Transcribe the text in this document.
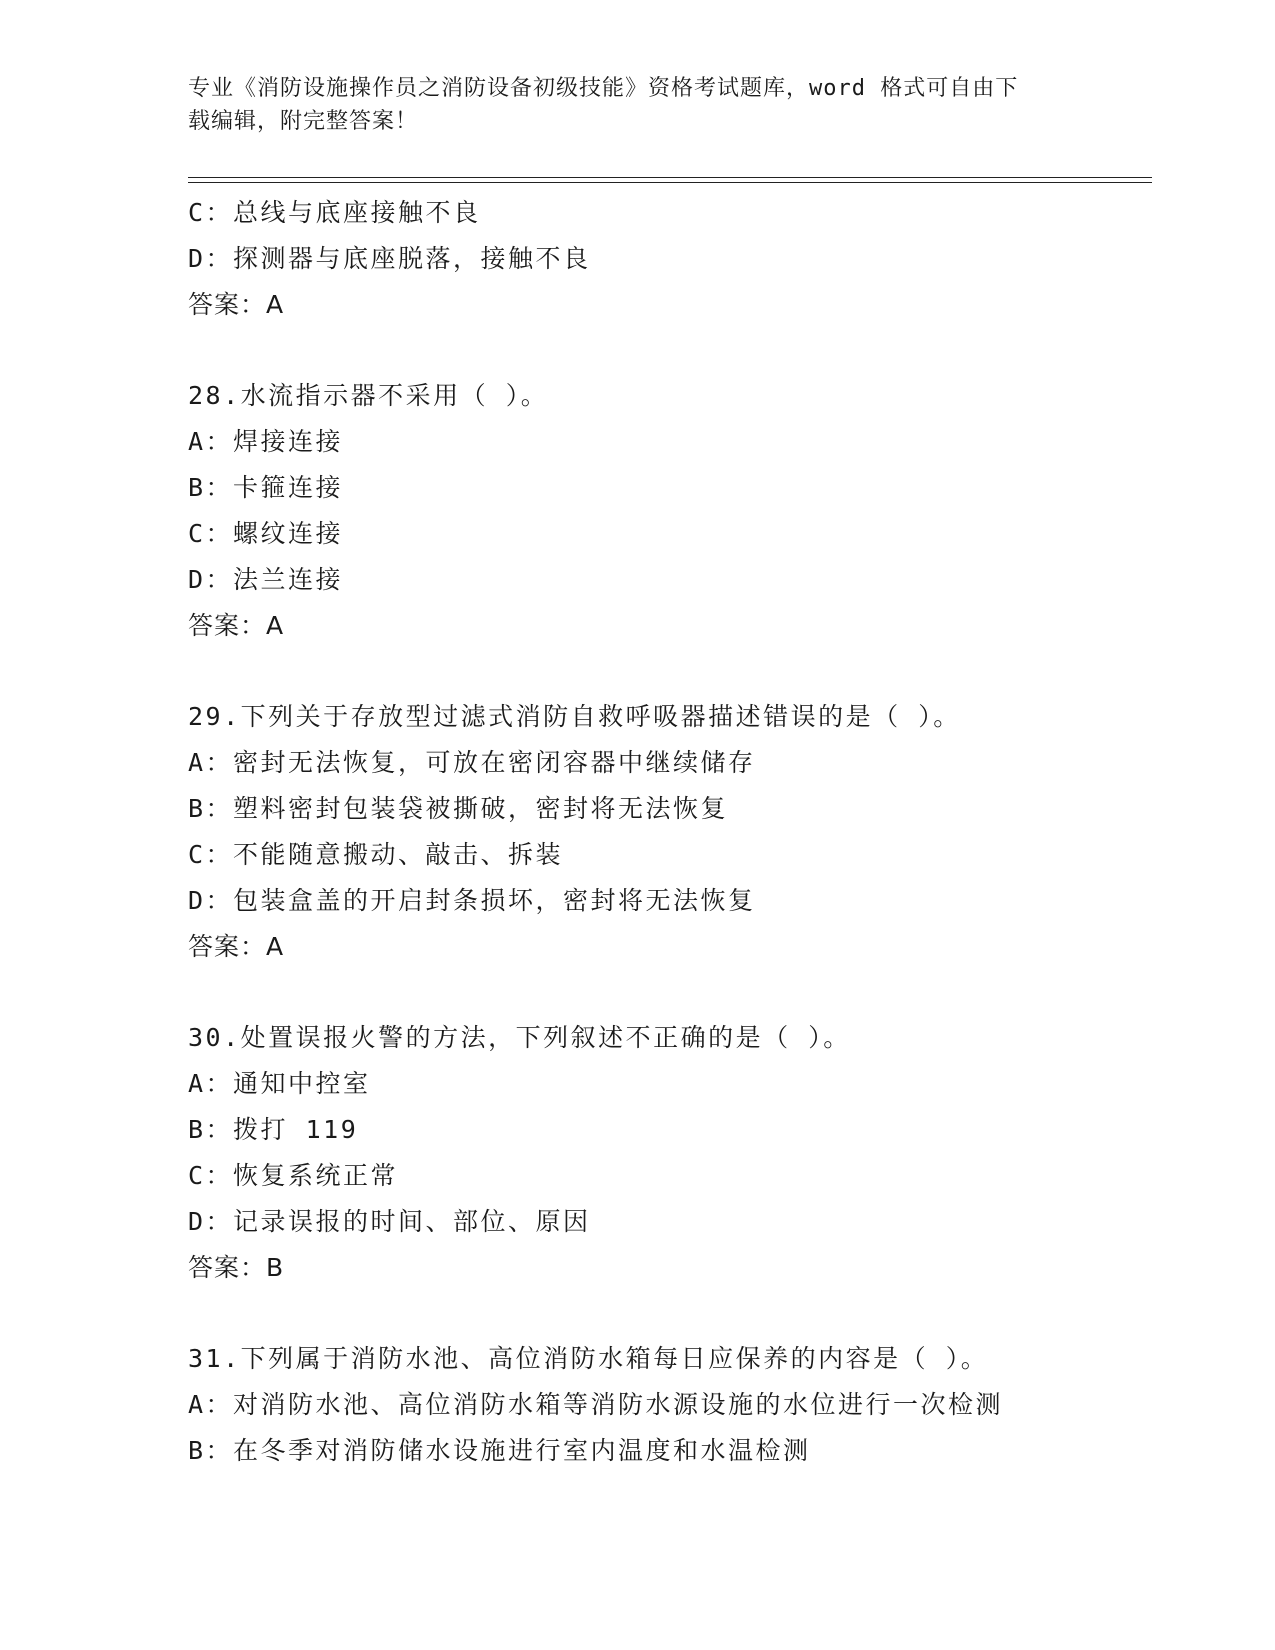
专业《消防设施操作员之消防设备初级技能》资格考试题库，word 格式可自由下
载编辑，附完整答案！
C：总线与底座接触不良
D：探测器与底座脱落，接触不良
答案：A
28.水流指示器不采用（ ）。
A：焊接连接
B：卡箍连接
C：螺纹连接
D：法兰连接
答案：A
29.下列关于存放型过滤式消防自救呼吸器描述错误的是（ ）。
A：密封无法恢复，可放在密闭容器中继续储存
B：塑料密封包装袋被撕破，密封将无法恢复
C：不能随意搬动、敲击、拆装
D：包装盒盖的开启封条损坏，密封将无法恢复
答案：A
30.处置误报火警的方法，下列叙述不正确的是（ ）。
A：通知中控室
B：拨打 119
C：恢复系统正常
D：记录误报的时间、部位、原因
答案：B
31.下列属于消防水池、高位消防水箱每日应保养的内容是（ ）。
A：对消防水池、高位消防水箱等消防水源设施的水位进行一次检测
B：在冬季对消防储水设施进行室内温度和水温检测
